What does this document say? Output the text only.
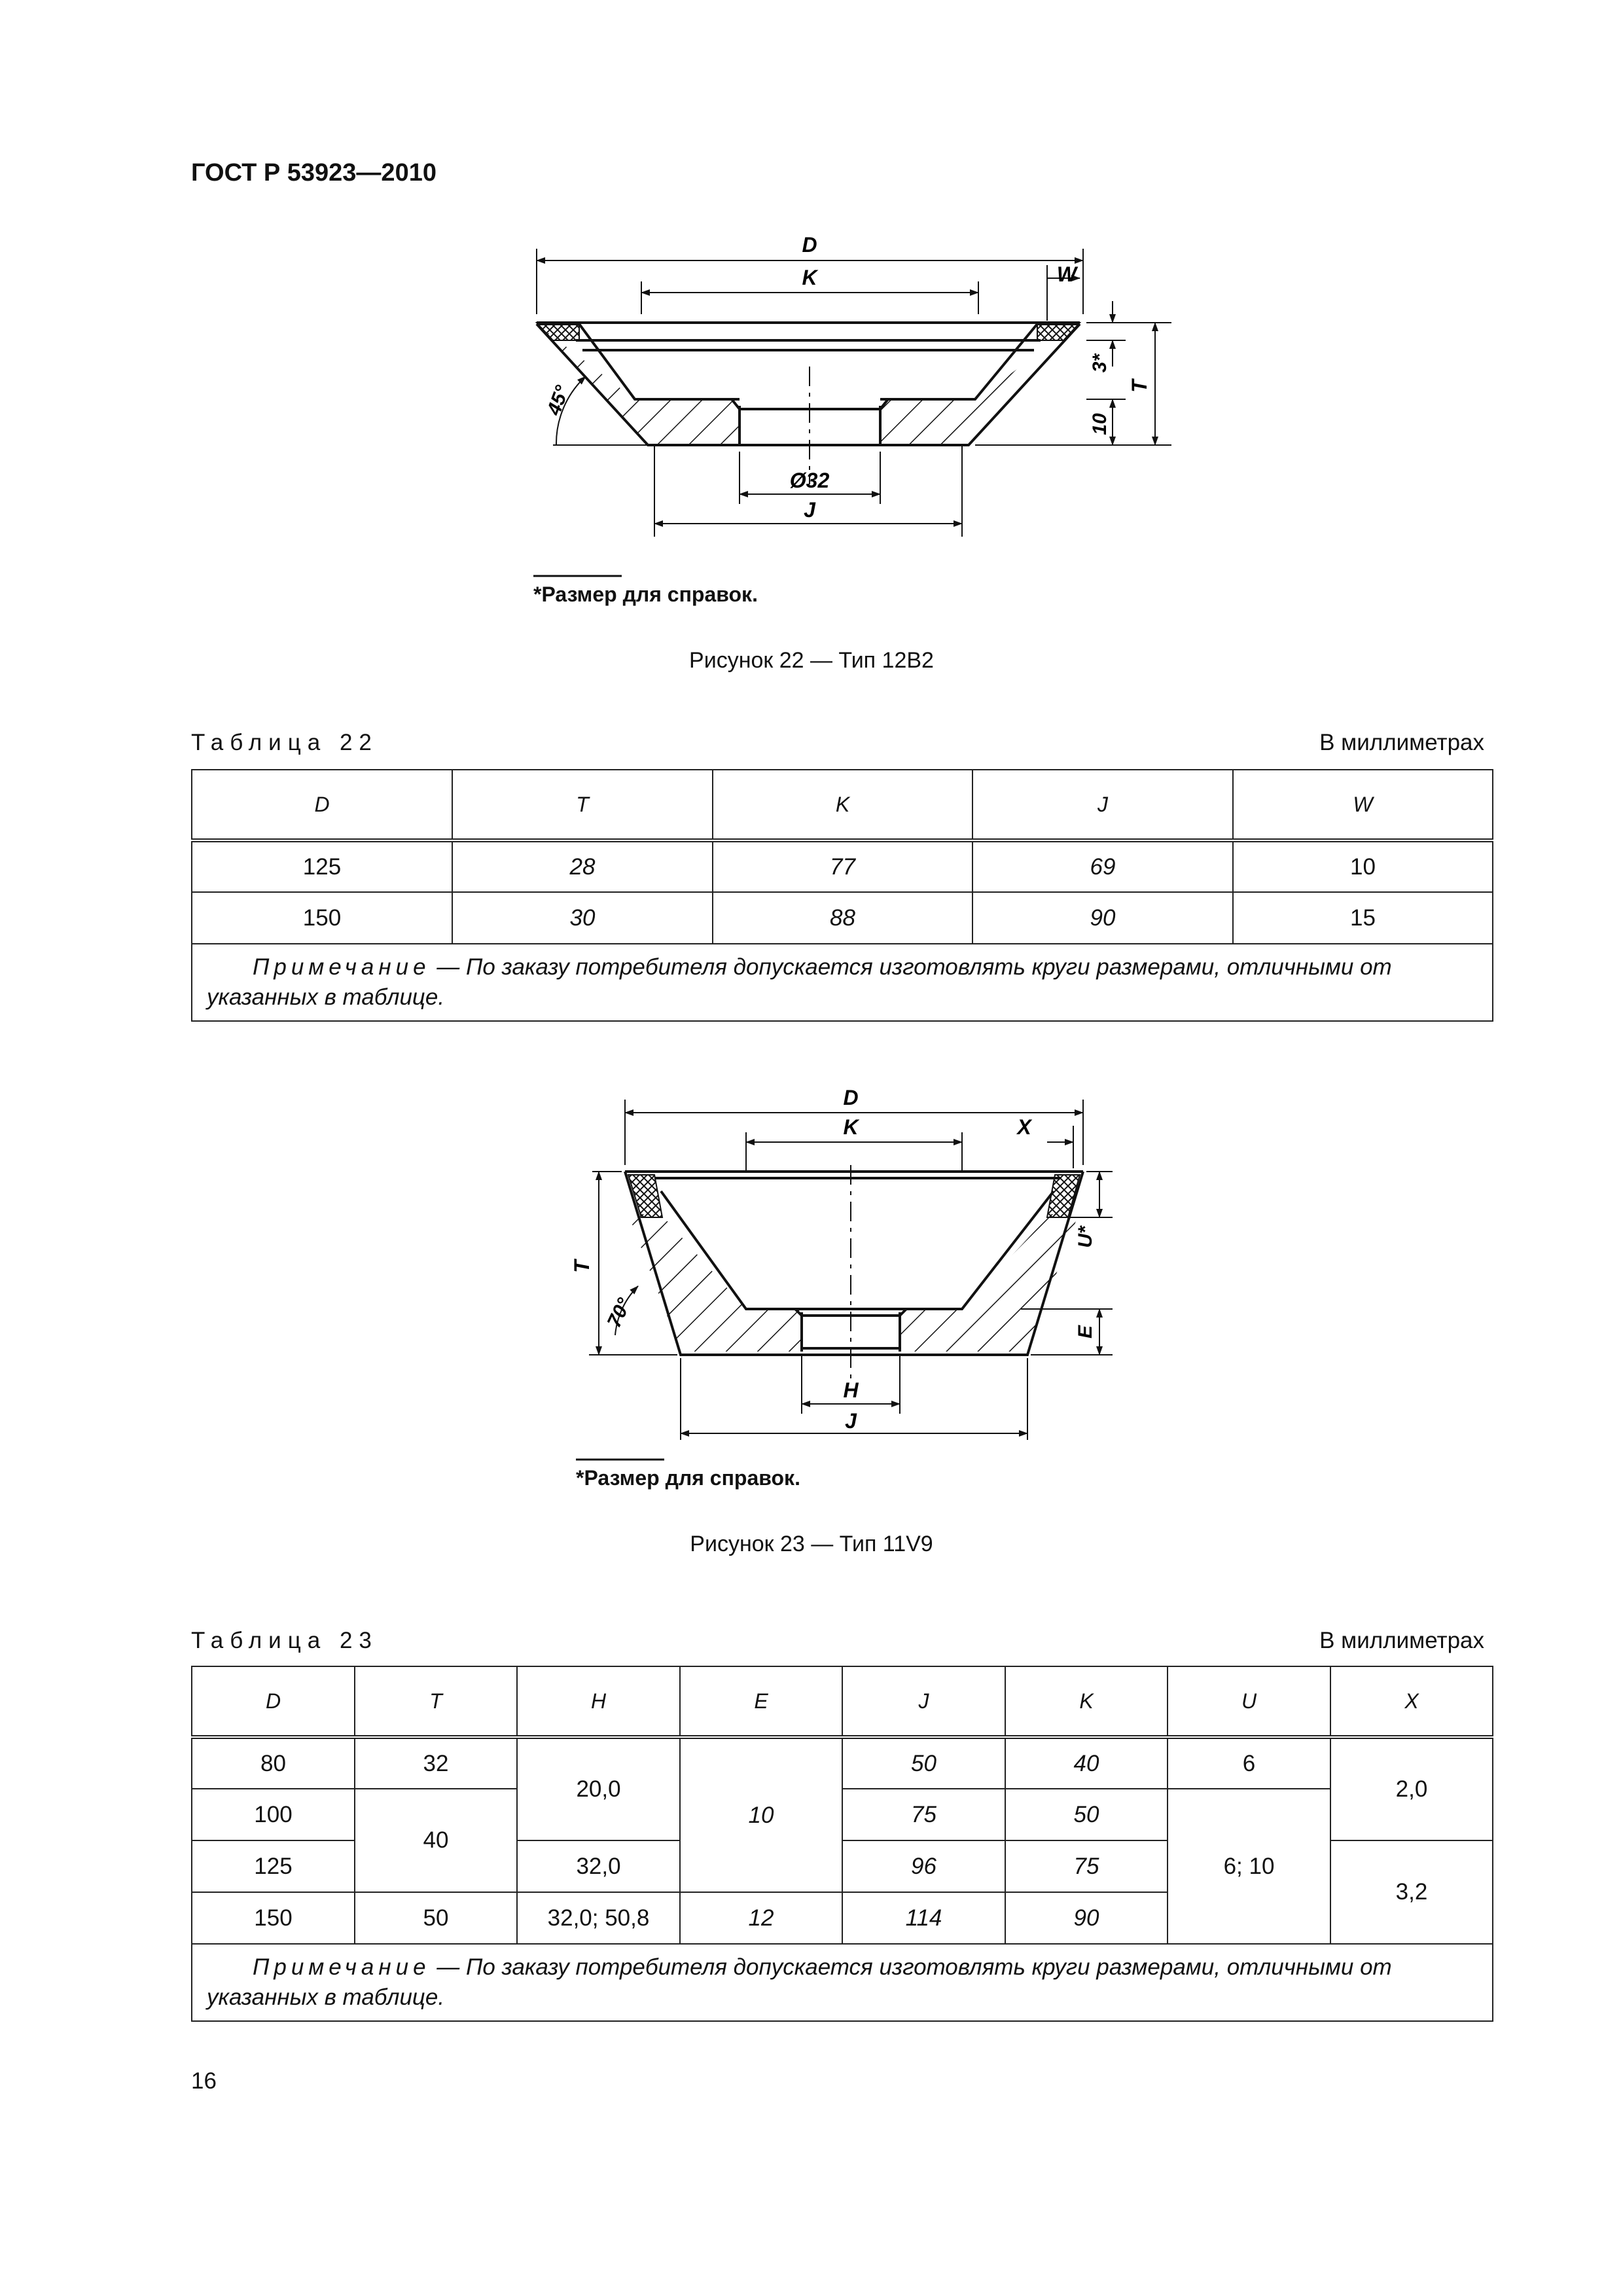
ГОСТ Р 53923—2010
D
K	W
Ø32
J
3*
10
T
45°
*Размер для справок.
Рисунок 22 — Тип 12В2
Таблица 22	В миллиметрах
D	T	K	J	W
125	28	77	69	10
150	30	88	90	15
Примечание — По заказу потребителя допускается изготовлять круги размерами, отличными от указанных в таблице.				
D
K	X
T
U*
E
H
J
70°
*Размер для справок.
Рисунок 23 — Тип 11V9
Таблица 23	В миллиметрах
D	T	H	E	J	K	U	X
80	32	20,0	10	50	40	6	2,0
100	40			75	50	6; 10	
125		32,0		96	75		3,2
150	50	32,0; 50,8	12	114	90		
Примечание — По заказу потребителя допускается изготовлять круги размерами, отличными от указанных в таблице.							
16
